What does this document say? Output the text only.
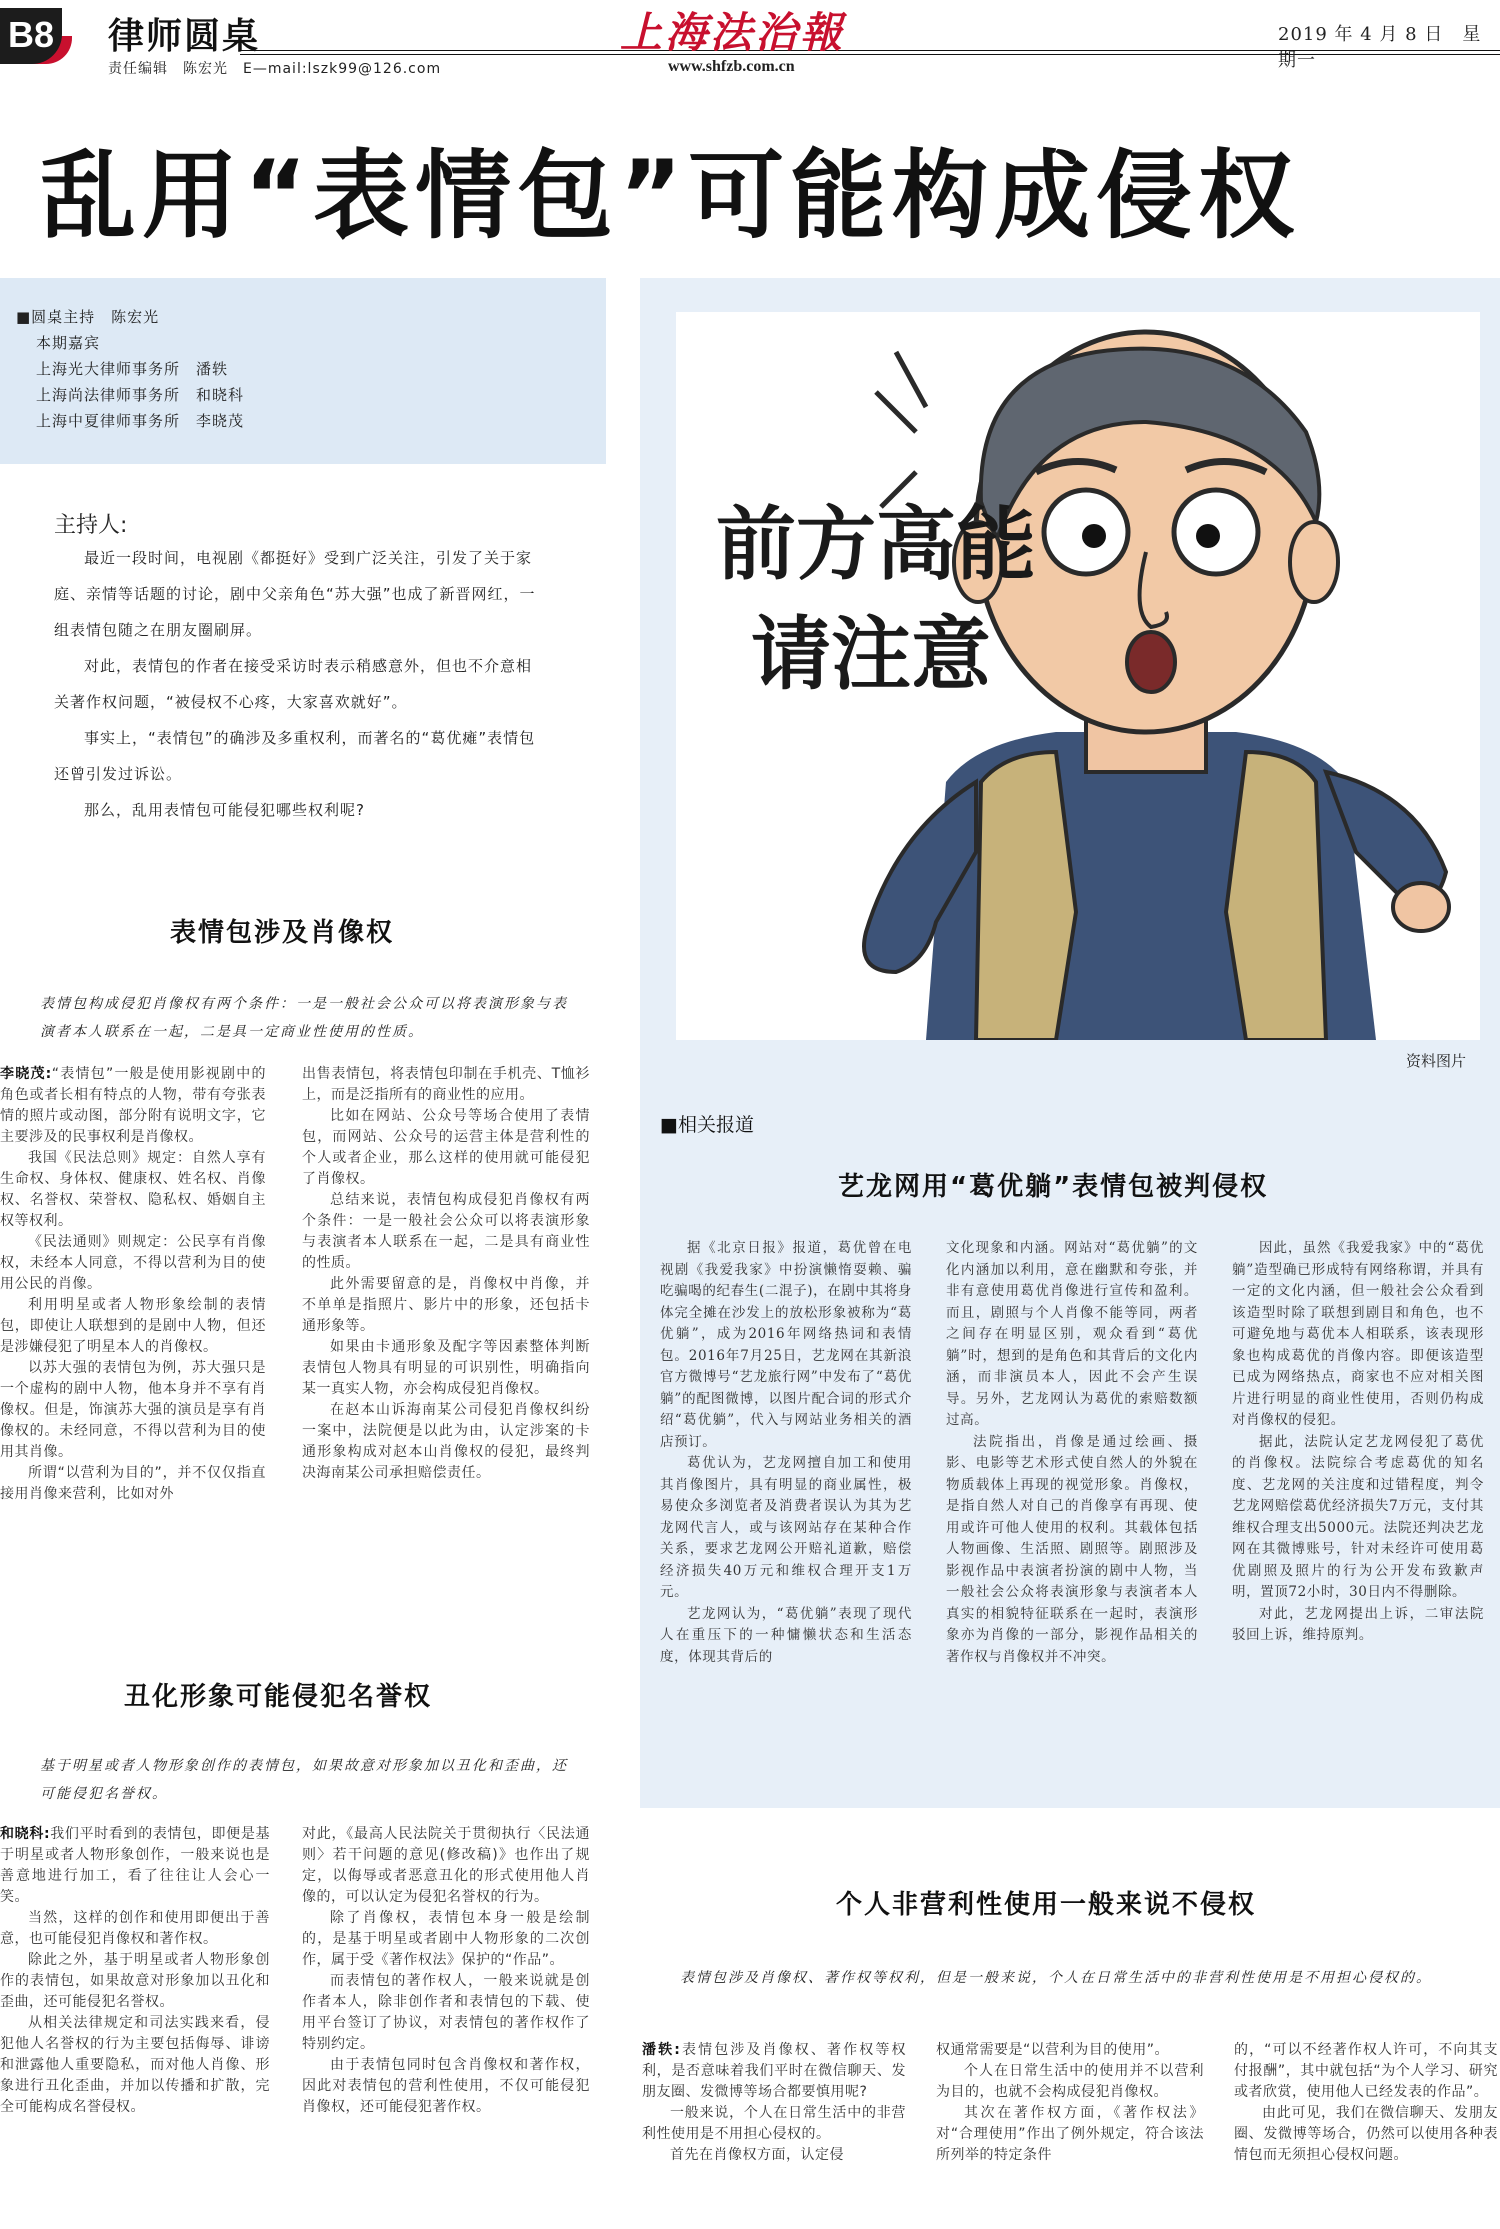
B8 律师圆桌
责任编辑　陈宏光　E—mail:lszk99@126.com
上海法治報
www.shfzb.com.cn
2019 年 4 月 8 日　星期一
乱用“表情包”可能构成侵权
■圆桌主持　陈宏光
本期嘉宾
上海光大律师事务所　潘轶
上海尚法律师事务所　和晓科
上海中夏律师事务所　李晓茂
主持人:

最近一段时间，电视剧《都挺好》受到广泛关注，引发了关于家庭、亲情等话题的讨论，剧中父亲角色“苏大强”也成了新晋网红，一组表情包随之在朋友圈刷屏。

对此，表情包的作者在接受采访时表示稍感意外，但也不介意相关著作权问题，“被侵权不心疼，大家喜欢就好”。

事实上，“表情包”的确涉及多重权利，而著名的“葛优瘫”表情包还曾引发过诉讼。

那么，乱用表情包可能侵犯哪些权利呢?

表情包涉及肖像权
表情包构成侵犯肖像权有两个条件：一是一般社会公众可以将表演形象与表演者本人联系在一起，二是具一定商业性使用的性质。

李晓茂:“表情包”一般是使用影视剧中的角色或者长相有特点的人物，带有夸张表情的照片或动图，部分附有说明文字，它主要涉及的民事权利是肖像权。

我国《民法总则》规定：自然人享有生命权、身体权、健康权、姓名权、肖像权、名誉权、荣誉权、隐私权、婚姻自主权等权利。

《民法通则》则规定：公民享有肖像权，未经本人同意，不得以营利为目的使用公民的肖像。

利用明星或者人物形象绘制的表情包，即使让人联想到的是剧中人物，但还是涉嫌侵犯了明星本人的肖像权。

以苏大强的表情包为例，苏大强只是一个虚构的剧中人物，他本身并不享有肖像权。但是，饰演苏大强的演员是享有肖像权的。未经同意，不得以营利为目的使用其肖像。

所谓“以营利为目的”，并不仅仅指直接用肖像来营利，比如对外

出售表情包，将表情包印制在手机壳、T恤衫上，而是泛指所有的商业性的应用。

比如在网站、公众号等场合使用了表情包，而网站、公众号的运营主体是营利性的个人或者企业，那么这样的使用就可能侵犯了肖像权。

总结来说，表情包构成侵犯肖像权有两个条件：一是一般社会公众可以将表演形象与表演者本人联系在一起，二是具有商业性的性质。

此外需要留意的是，肖像权中肖像，并不单单是指照片、影片中的形象，还包括卡通形象等。

如果由卡通形象及配字等因素整体判断表情包人物具有明显的可识别性，明确指向某一真实人物，亦会构成侵犯肖像权。

在赵本山诉海南某公司侵犯肖像权纠纷一案中，法院便是以此为由，认定涉案的卡通形象构成对赵本山肖像权的侵犯，最终判决海南某公司承担赔偿责任。

丑化形象可能侵犯名誉权
基于明星或者人物形象创作的表情包，如果故意对形象加以丑化和歪曲，还可能侵犯名誉权。

和晓科:我们平时看到的表情包，即便是基于明星或者人物形象创作，一般来说也是善意地进行加工，看了往往让人会心一笑。

当然，这样的创作和使用即便出于善意，也可能侵犯肖像权和著作权。

除此之外，基于明星或者人物形象创作的表情包，如果故意对形象加以丑化和歪曲，还可能侵犯名誉权。

从相关法律规定和司法实践来看，侵犯他人名誉权的行为主要包括侮辱、诽谤和泄露他人重要隐私，而对他人肖像、形象进行丑化歪曲，并加以传播和扩散，完全可能构成名誉侵权。

对此，《最高人民法院关于贯彻执行〈民法通则〉若干问题的意见(修改稿)》也作出了规定，以侮辱或者恶意丑化的形式使用他人肖像的，可以认定为侵犯名誉权的行为。

除了肖像权，表情包本身一般是绘制的，是基于明星或者剧中人物形象的二次创作，属于受《著作权法》保护的“作品”。

而表情包的著作权人，一般来说就是创作者本人，除非创作者和表情包的下载、使用平台签订了协议，对表情包的著作权作了特别约定。

由于表情包同时包含肖像权和著作权，因此对表情包的营利性使用，不仅可能侵犯肖像权，还可能侵犯著作权。

前方高能
请注意
资料图片
■相关报道
艺龙网用“葛优躺”表情包被判侵权

据《北京日报》报道，葛优曾在电视剧《我爱我家》中扮演懒惰耍赖、骗吃骗喝的纪春生(二混子)，在剧中其将身体完全摊在沙发上的放松形象被称为“葛优躺”，成为2016年网络热词和表情包。2016年7月25日，艺龙网在其新浪官方微博号“艺龙旅行网”中发布了“葛优躺”的配图微博，以图片配合词的形式介绍“葛优躺”，代入与网站业务相关的酒店预订。

葛优认为，艺龙网擅自加工和使用其肖像图片，具有明显的商业属性，极易使众多浏览者及消费者误认为其为艺龙网代言人，或与该网站存在某种合作关系，要求艺龙网公开赔礼道歉，赔偿经济损失40万元和维权合理开支1万元。

艺龙网认为，“葛优躺”表现了现代人在重压下的一种慵懒状态和生活态度，体现其背后的

文化现象和内涵。网站对“葛优躺”的文化内涵加以利用，意在幽默和夸张，并非有意使用葛优肖像进行宣传和盈利。而且，剧照与个人肖像不能等同，两者之间存在明显区别，观众看到“葛优躺”时，想到的是角色和其背后的文化内涵，而非演员本人，因此不会产生误导。另外，艺龙网认为葛优的索赔数额过高。

法院指出，肖像是通过绘画、摄影、电影等艺术形式使自然人的外貌在物质载体上再现的视觉形象。肖像权，是指自然人对自己的肖像享有再现、使用或许可他人使用的权利。其载体包括人物画像、生活照、剧照等。剧照涉及影视作品中表演者扮演的剧中人物，当一般社会公众将表演形象与表演者本人真实的相貌特征联系在一起时，表演形象亦为肖像的一部分，影视作品相关的著作权与肖像权并不冲突。

因此，虽然《我爱我家》中的“葛优躺”造型确已形成特有网络称谓，并具有一定的文化内涵，但一般社会公众看到该造型时除了联想到剧目和角色，也不可避免地与葛优本人相联系，该表现形象也构成葛优的肖像内容。即便该造型已成为网络热点，商家也不应对相关图片进行明显的商业性使用，否则仍构成对肖像权的侵犯。

据此，法院认定艺龙网侵犯了葛优的肖像权。法院综合考虑葛优的知名度、艺龙网的关注度和过错程度，判令艺龙网赔偿葛优经济损失7万元，支付其维权合理支出5000元。法院还判决艺龙网在其微博账号，针对未经许可使用葛优剧照及照片的行为公开发布致歉声明，置顶72小时，30日内不得删除。

对此，艺龙网提出上诉，二审法院驳回上诉，维持原判。

个人非营利性使用一般来说不侵权
表情包涉及肖像权、著作权等权利，但是一般来说，个人在日常生活中的非营利性使用是不用担心侵权的。

潘轶:表情包涉及肖像权、著作权等权利，是否意味着我们平时在微信聊天、发朋友圈、发微博等场合都要慎用呢?

一般来说，个人在日常生活中的非营利性使用是不用担心侵权的。

首先在肖像权方面，认定侵

权通常需要是“以营利为目的使用”。

个人在日常生活中的使用并不以营利为目的，也就不会构成侵犯肖像权。

其次在著作权方面，《著作权法》对“合理使用”作出了例外规定，符合该法所列举的特定条件

的，“可以不经著作权人许可，不向其支付报酬”，其中就包括“为个人学习、研究或者欣赏，使用他人已经发表的作品”。

由此可见，我们在微信聊天、发朋友圈、发微博等场合，仍然可以使用各种表情包而无须担心侵权问题。
